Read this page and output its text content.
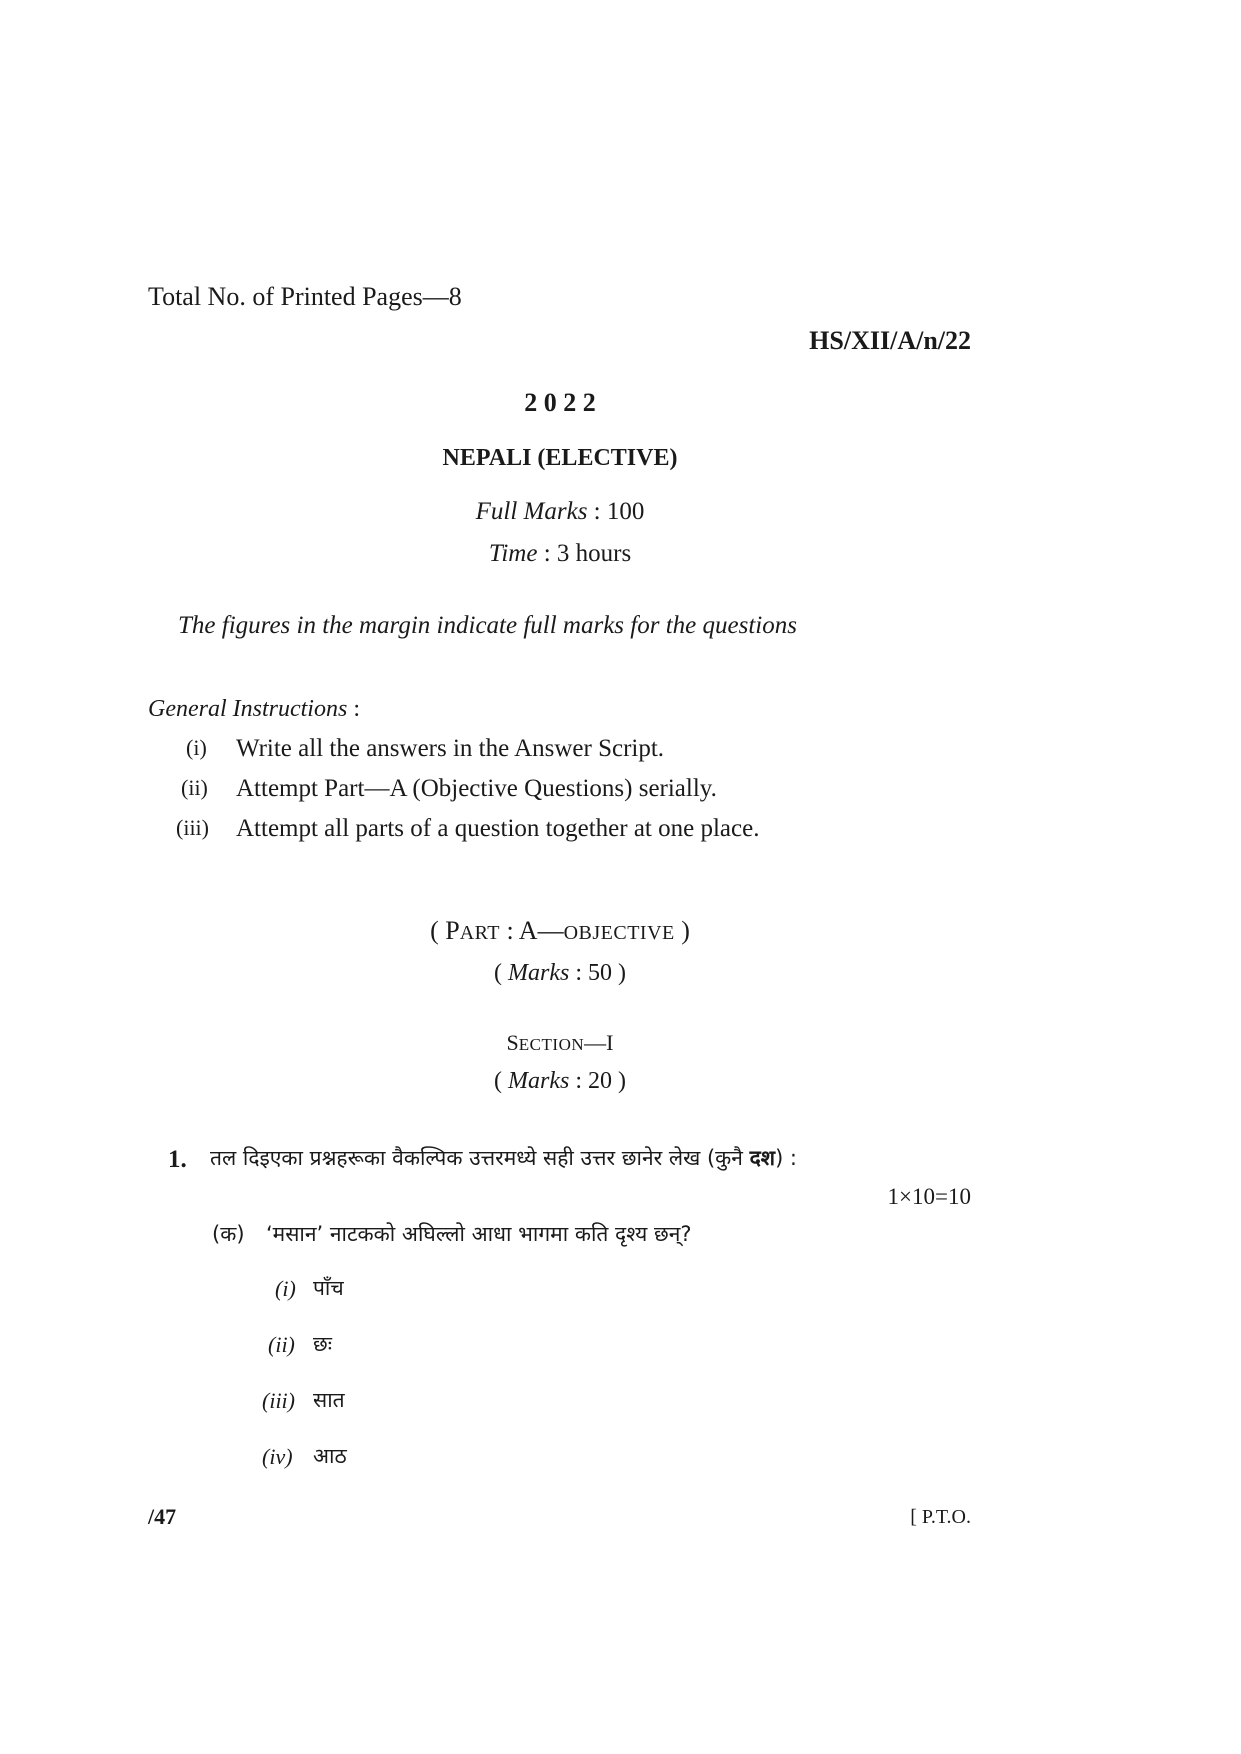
Total No. of Printed Pages—8
HS/XII/A/n/22
2 0 2 2
NEPALI (ELECTIVE)
Full Marks : 100
Time : 3 hours
The figures in the margin indicate full marks for the questions
General Instructions :
(i) Write all the answers in the Answer Script.
(ii) Attempt Part—A (Objective Questions) serially.
(iii) Attempt all parts of a question together at one place.
( PART : A—OBJECTIVE )
( Marks : 50 )
SECTION—I
( Marks : 20 )
1. तल दिइएका प्रश्नहरूका वैकल्पिक उत्तरमध्ये सही उत्तर छानेर लेख (कुनै दश) :
1×10=10
(क) ‘मसान’ नाटकको अघिल्लो आधा भागमा कति दृश्य छन्?
(i) पाँच
(ii) छः
(iii) सात
(iv) आठ
/47	[ P.T.O.
